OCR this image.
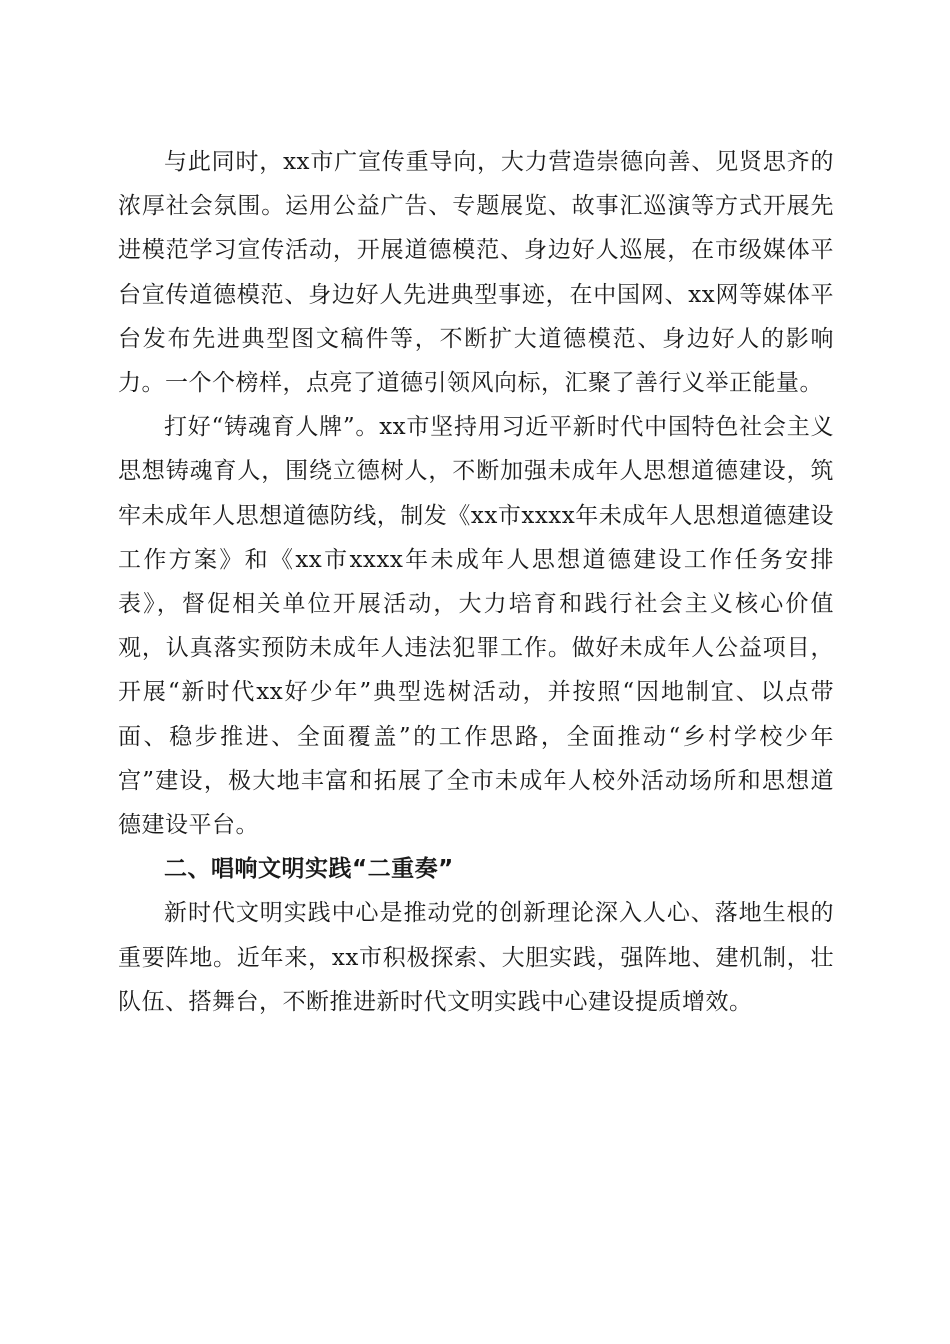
与此同时，xx市广宣传重导向，大力营造崇德向善、见贤思齐的浓厚社会氛围。运用公益广告、专题展览、故事汇巡演等方式开展先进模范学习宣传活动，开展道德模范、身边好人巡展，在市级媒体平台宣传道德模范、身边好人先进典型事迹，在中国网、xx网等媒体平台发布先进典型图文稿件等，不断扩大道德模范、身边好人的影响力。一个个榜样，点亮了道德引领风向标，汇聚了善行义举正能量。

打好“铸魂育人牌”。xx市坚持用习近平新时代中国特色社会主义思想铸魂育人，围绕立德树人，不断加强未成年人思想道德建设，筑牢未成年人思想道德防线，制发《xx市xxxx年未成年人思想道德建设工作方案》和《xx市xxxx年未成年人思想道德建设工作任务安排表》，督促相关单位开展活动，大力培育和践行社会主义核心价值观，认真落实预防未成年人违法犯罪工作。做好未成年人公益项目，开展“新时代xx好少年”典型选树活动，并按照“因地制宜、以点带面、稳步推进、全面覆盖”的工作思路，全面推动“乡村学校少年宫”建设，极大地丰富和拓展了全市未成年人校外活动场所和思想道德建设平台。

二、唱响文明实践“二重奏”

新时代文明实践中心是推动党的创新理论深入人心、落地生根的重要阵地。近年来，xx市积极探索、大胆实践，强阵地、建机制，壮队伍、搭舞台，不断推进新时代文明实践中心建设提质增效。
